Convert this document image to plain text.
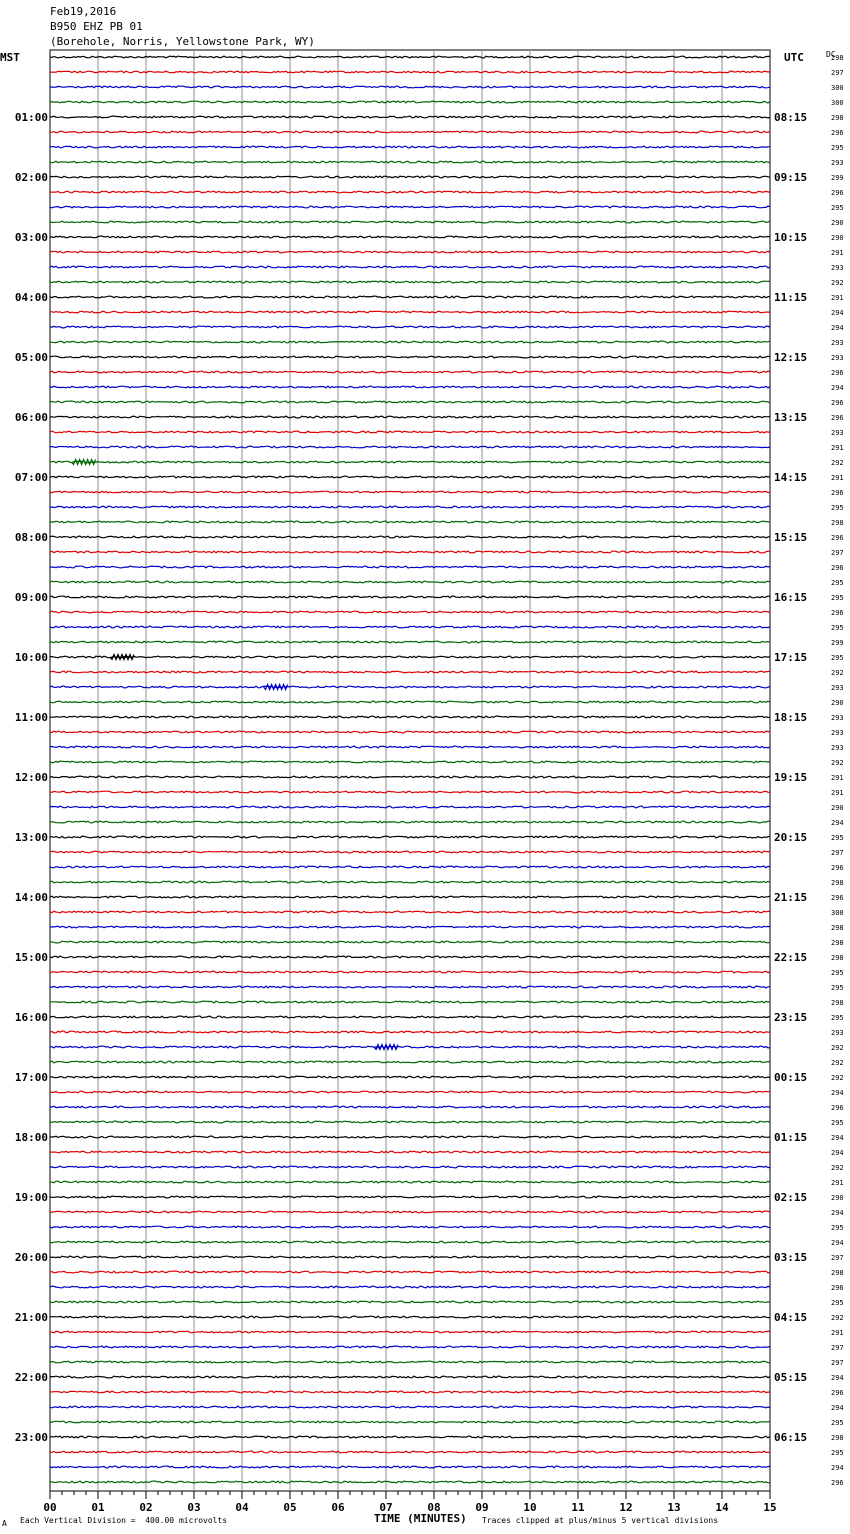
Feb19,2016
B950 EHZ PB 01
(Borehole, Norris, Yellowstone Park, WY)
MST	UTC	DC
298
297
300
300
298
296
295
293
299
296
295
290
290
291
293
292
291
294
294
293
293
296
294
296
296
293
291
292
291
296
295
298
296
297
296
295
295
296
295
299
295
292
293
290
293
293
293
292
291
291
290
294
295
297
296
298
296
300
298
298
298
295
295
298
295
293
292
292
292
294
296
295
294
294
292
291
290
294
295
294
297
298
296
295
292
291
297
297
294
296
294
295
298
295
294
296
01:00
02:00
03:00
04:00
05:00
06:00
07:00
08:00
09:00
10:00
11:00
12:00
13:00
14:00
15:00
16:00
17:00
18:00
19:00
20:00
21:00
22:00
23:00
08:15
09:15
10:15
11:15
12:15
13:15
14:15
15:15
16:15
17:15
18:15
19:15
20:15
21:15
22:15
23:15
00:15
01:15
02:15
03:15
04:15
05:15
06:15
00	01	02	03	04	05	06	07	08	09	10	11	12	13	14	15
A Each Vertical Division =  400.00 microvolts	TIME (MINUTES) Traces clipped at plus/minus 5 vertical divisions
